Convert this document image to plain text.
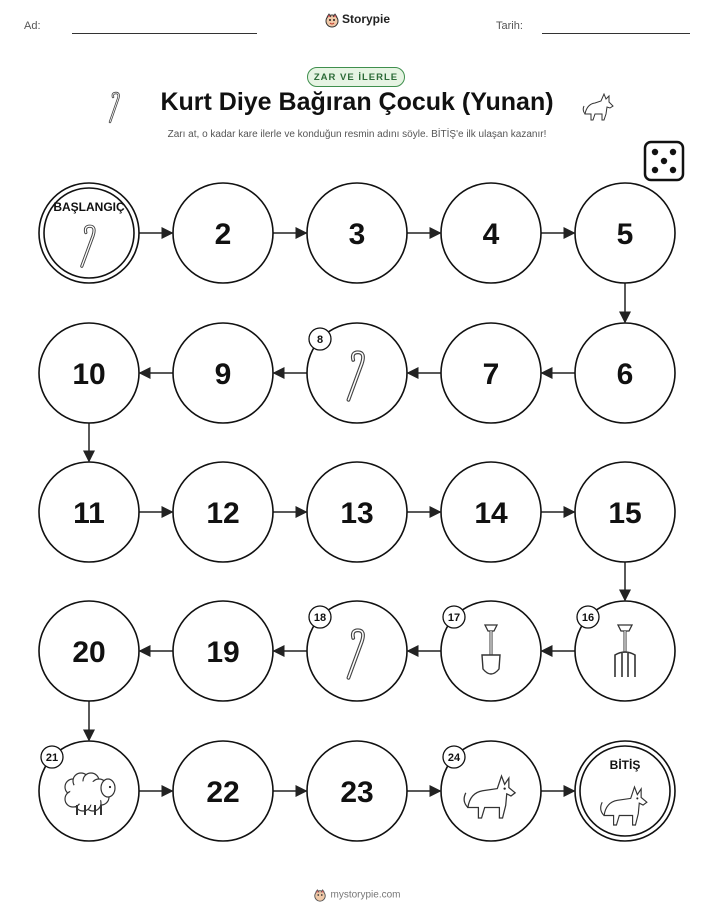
Ad:	Storypie	Tarih:
ZAR VE İLERLE
Kurt Diye Bağıran Çocuk (Yunan)
Zarı at, o kadar kare ilerle ve konduğun resmin adını söyle. BİTİŞ'e ilk ulaşan kazanır!
BAŞLANGIÇ
2	3	4	5
6
7
8
9
10
11	12	13	14	15
16
17
18
19
20
21
22	23
24	BİTİŞ
mystorypie.com
